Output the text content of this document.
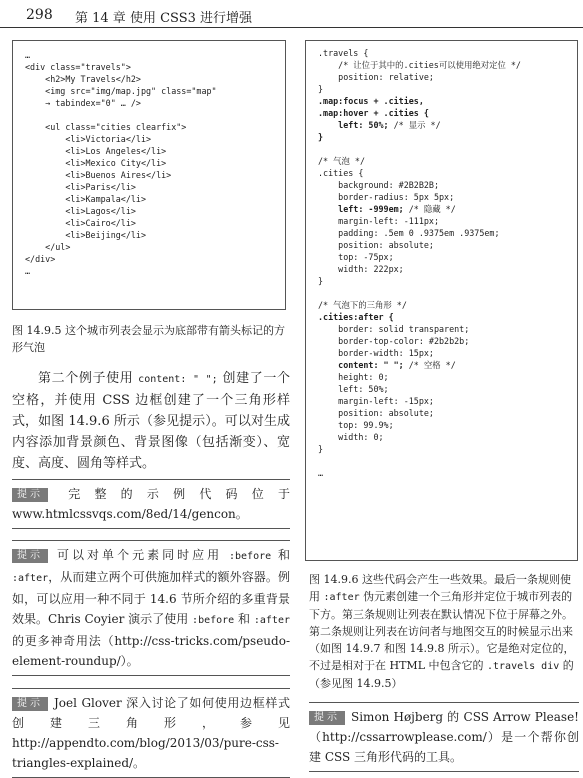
298 第 14 章 使用 CSS3 进行增强
…
<div class="travels">
<h2>My Travels</h2>
<img src="img/map.jpg" class="map"
→ tabindex="0" … />

<ul class="cities clearfix">
<li>Victoria</li>
<li>Los Angeles</li>
<li>Mexico City</li>
<li>Buenos Aires</li>
<li>Paris</li>
<li>Kampala</li>
<li>Lagos</li>
<li>Cairo</li>
<li>Beijing</li>
</ul>
</div>
…
图 14.9.5 这个城市列表会显示为底部带有箭头标记的方形气泡

第二个例子使用 content: " "; 创建了一个空格，并使用 CSS 边框创建了一个三角形样式，如图 14.9.6 所示（参见提示）。可以对生成内容添加背景颜色、背景图像（包括渐变）、宽度、高度、圆角等样式。

提示 完整的示例代码位于 www.htmlcssvqs.com/8ed/14/gencon。
提示 可以对单个元素同时应用 :before 和 :after，从而建立两个可供施加样式的额外容器。例如，可以应用一种不同于 14.6 节所介绍的多重背景效果。Chris Coyier 演示了使用 :before 和 :after 的更多神奇用法（http://css-tricks.com/pseudo-element-roundup/）。
提示 Joel Glover 深入讨论了如何使用边框样式创建三角形，参见 http://appendto.com/blog/2013/03/pure-css-triangles-explained/。
.travels {
/* 让位于其中的.cities可以使用绝对定位 */
position: relative;
}
.map:focus + .cities,
.map:hover + .cities {
left: 50%; /* 显示 */
}

/* 气泡 */
.cities {
background: #2B2B2B;
border-radius: 5px 5px;
left: -999em; /* 隐藏 */
margin-left: -111px;
padding: .5em 0 .9375em .9375em;
position: absolute;
top: -75px;
width: 222px;
}

/* 气泡下的三角形 */
.cities:after {
border: solid transparent;
border-top-color: #2b2b2b;
border-width: 15px;
content: " "; /* 空格 */
height: 0;
left: 50%;
margin-left: -15px;
position: absolute;
top: 99.9%;
width: 0;
}

…
图 14.9.6 这些代码会产生一些效果。最后一条规则使用 :after 伪元素创建一个三角形并定位于城市列表的下方。第三条规则让列表在默认情况下位于屏幕之外。第二条规则让列表在访问者与地图交互的时候显示出来（如图 14.9.7 和图 14.9.8 所示）。它是绝对定位的，不过是相对于在 HTML 中包含它的 .travels div 的（参见图 14.9.5）
提示 Simon Højberg 的 CSS Arrow Please!（http://cssarrowplease.com/）是一个帮你创建 CSS 三角形代码的工具。
